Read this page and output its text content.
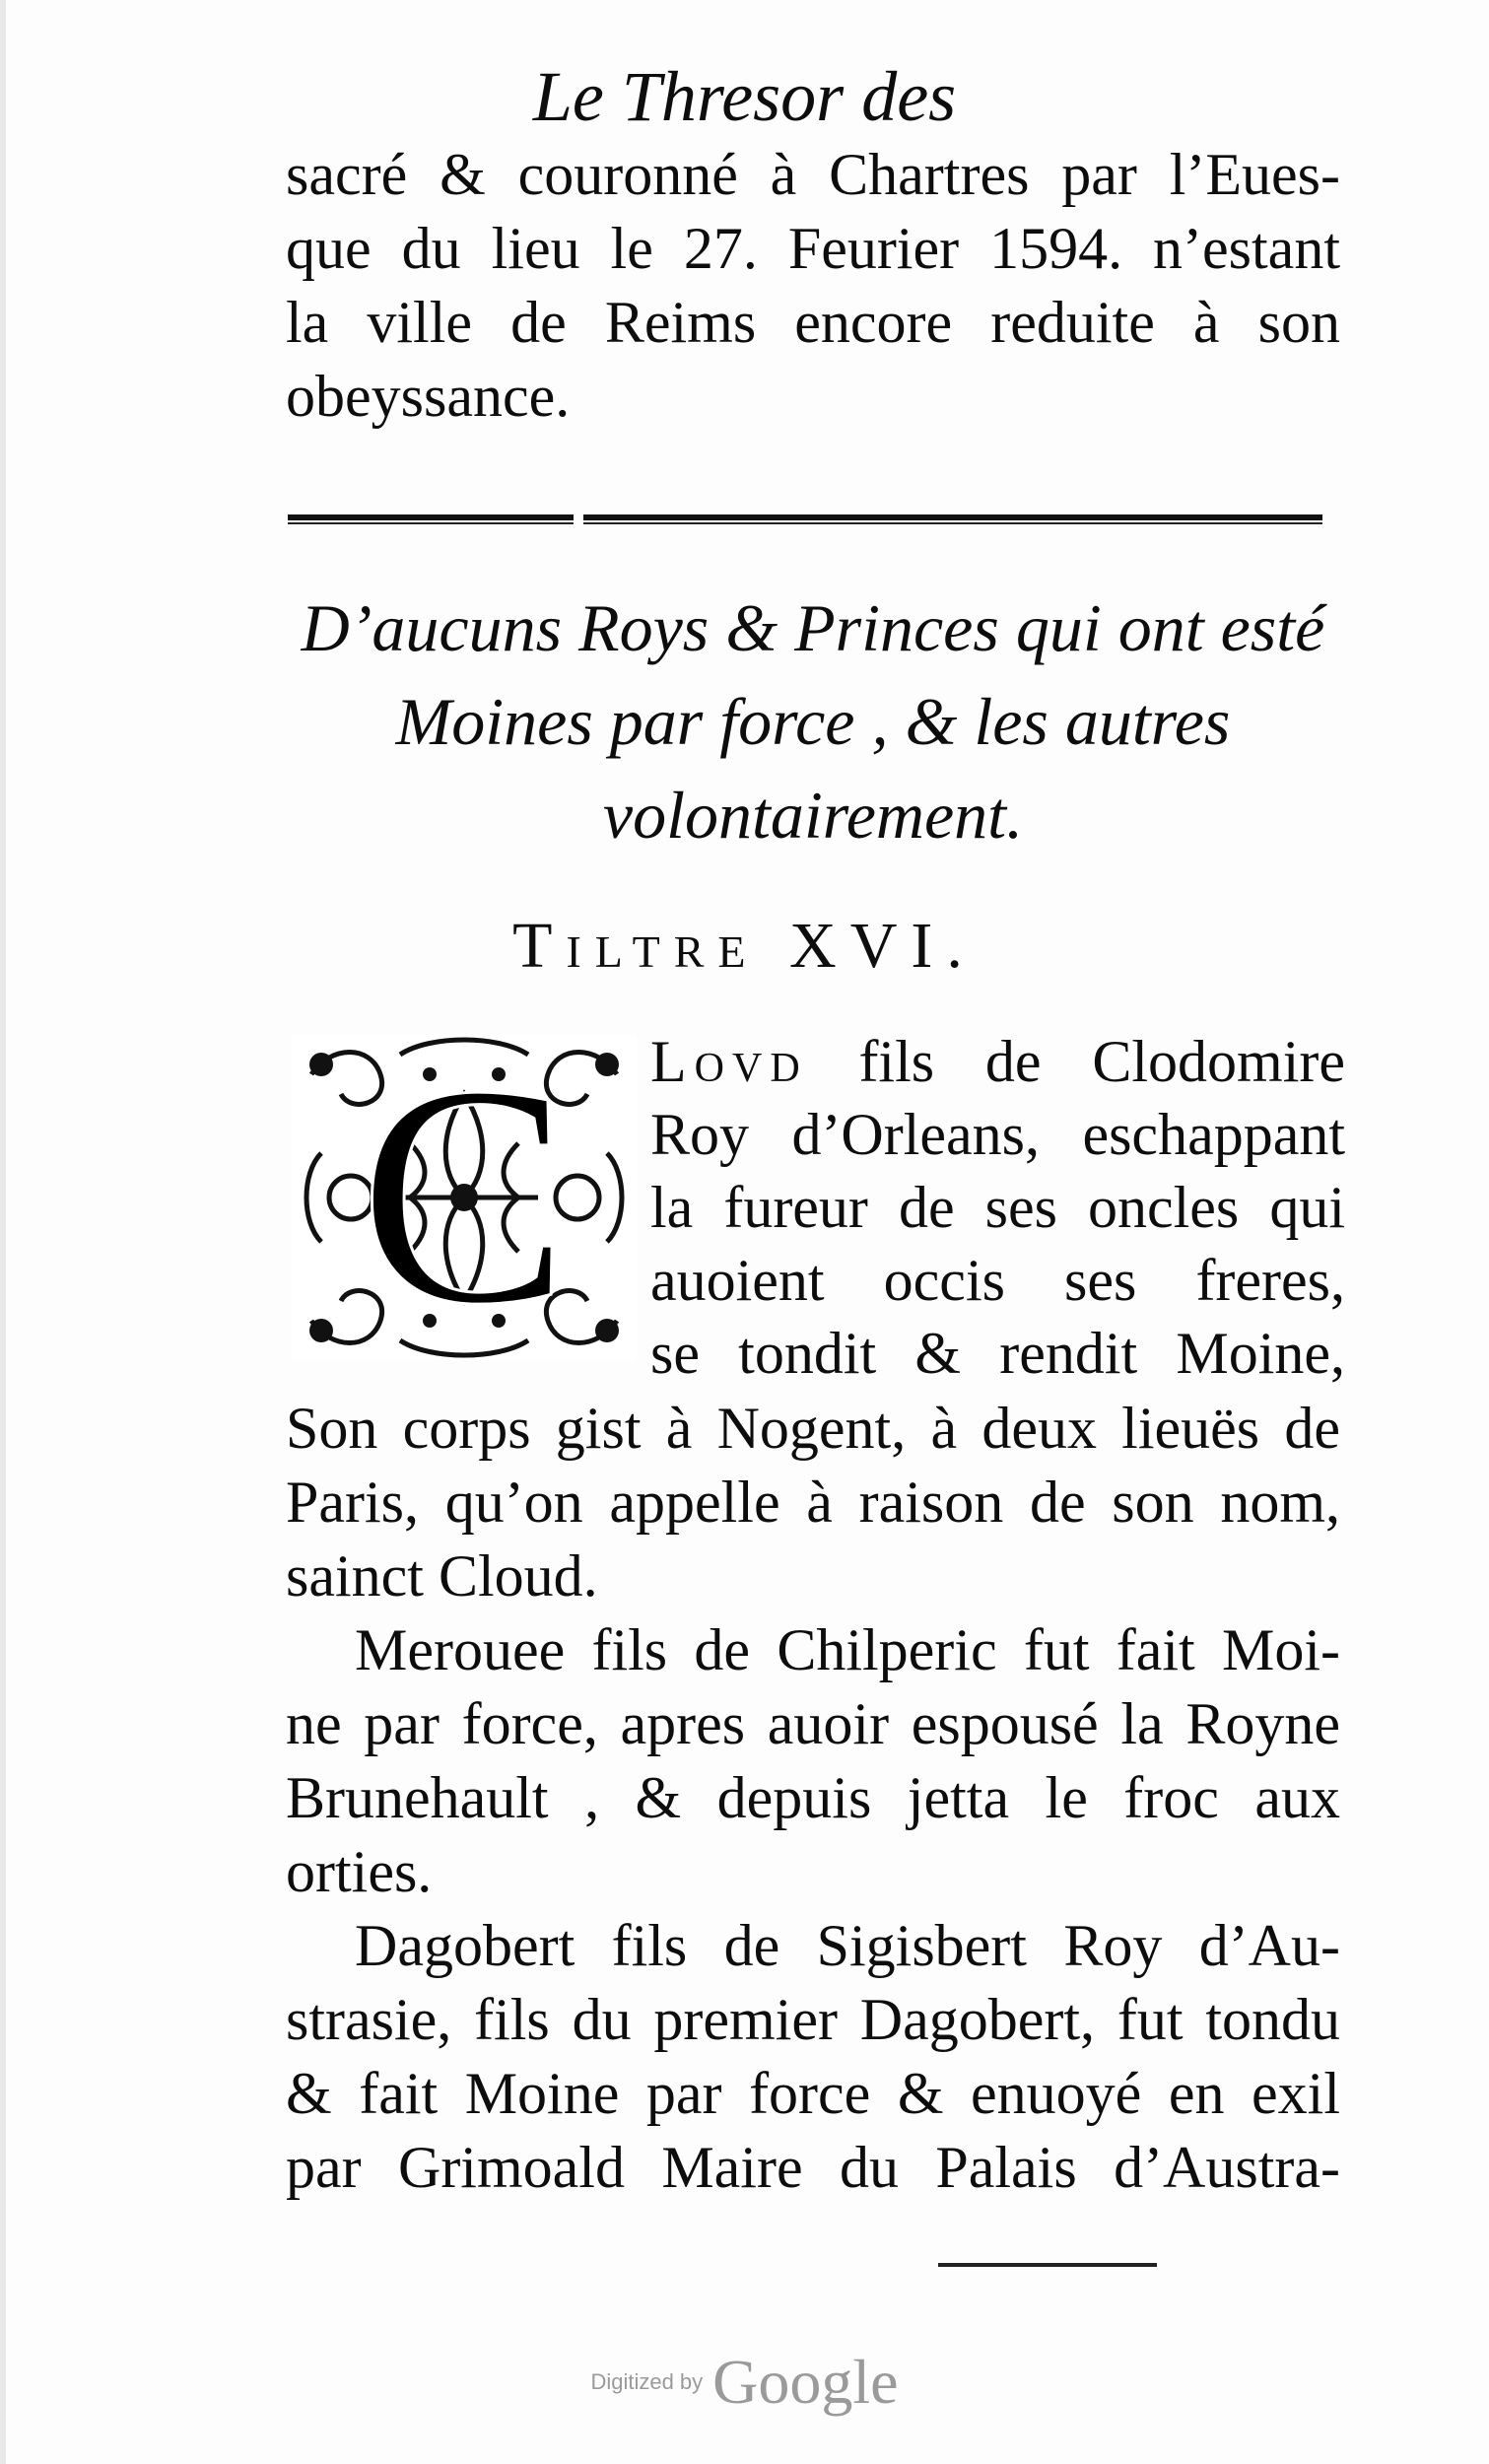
Le Thresor des
sacré & couronné à Chartres par l’Eues-
que du lieu le 27. Feurier 1594. n’estant
la ville de Reims encore reduite à son
obeyssance.
D’aucuns Roys & Princes qui ont esté
Moines par force , & les autres
volontairement.
Tiltre XVI.
C Lovd fils de Clodomire
Roy d’Orleans, eschappant
la fureur de ses oncles qui
auoient occis ses freres,
se tondit & rendit Moine,
Son corps gist à Nogent, à deux lieuës de
Paris, qu’on appelle à raison de son nom,
sainct Cloud.
Merouee fils de Chilperic fut fait Moi-
ne par force, apres auoir espousé la Royne
Brunehault , & depuis jetta le froc aux
orties.
Dagobert fils de Sigisbert Roy d’Au-
strasie, fils du premier Dagobert, fut tondu
& fait Moine par force & enuoyé en exil
par Grimoald Maire du Palais d’Austra-
Digitized by Google
